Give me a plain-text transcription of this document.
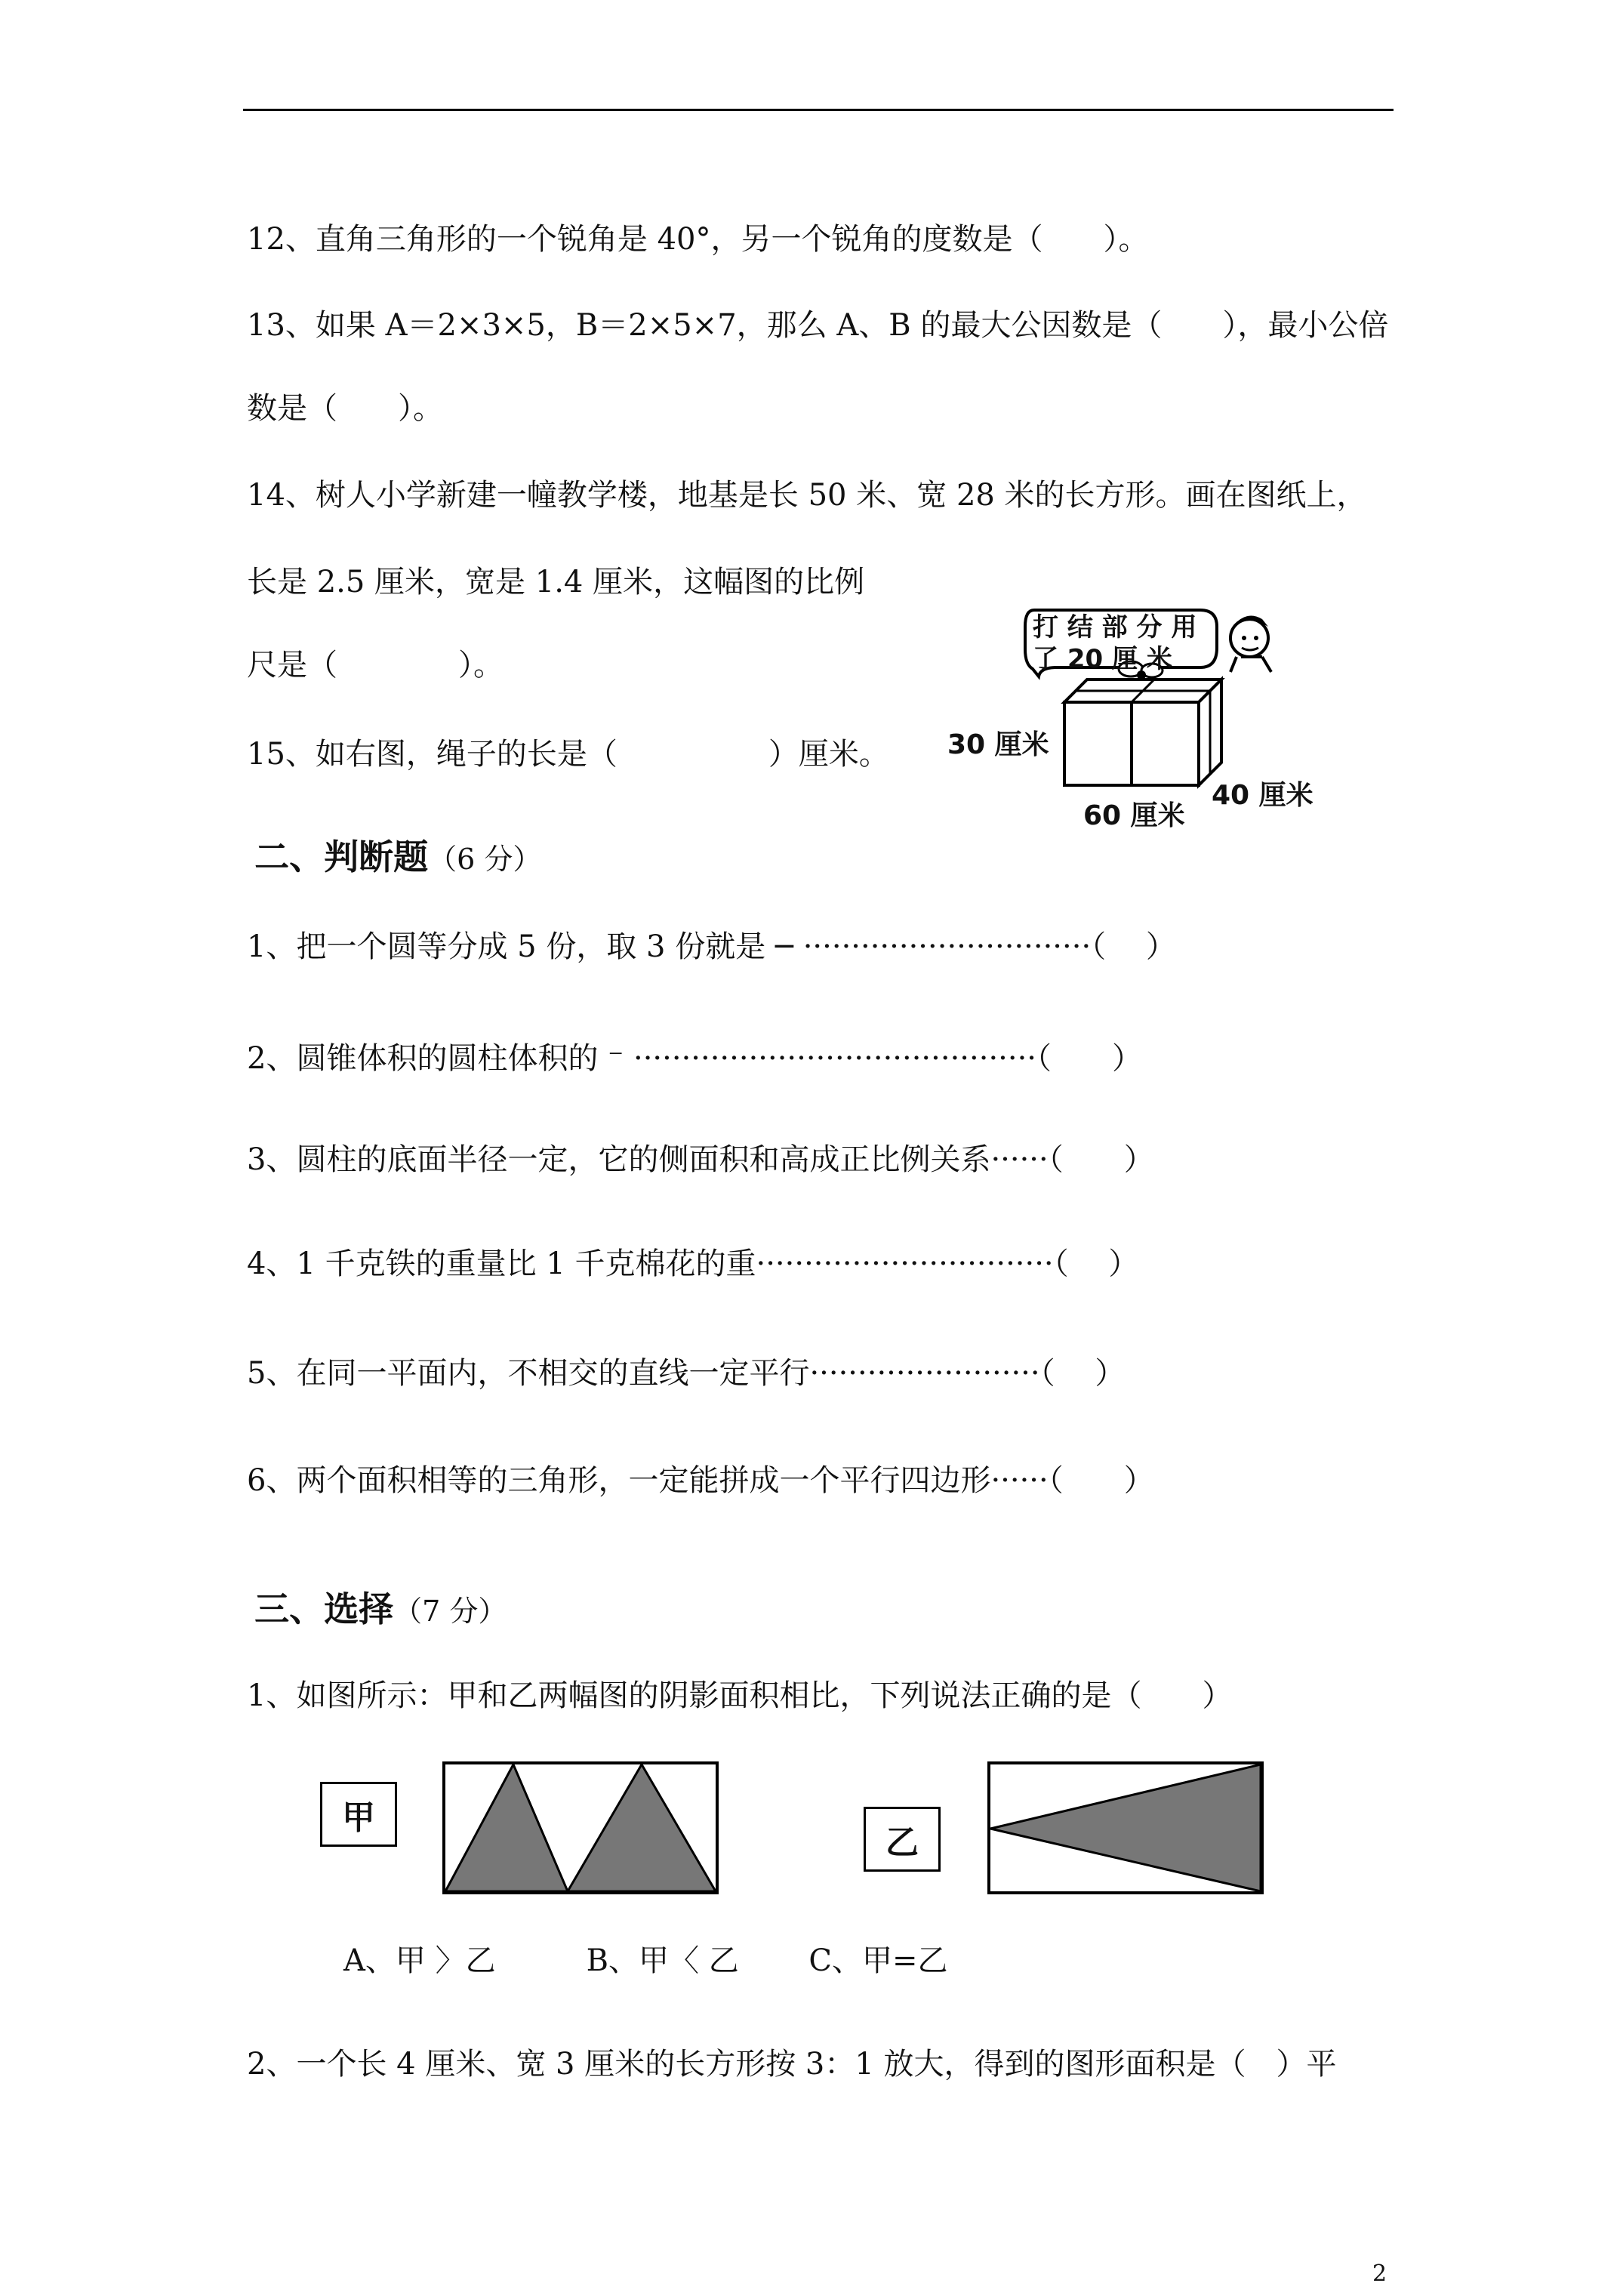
12、直角三角形的一个锐角是 40°，另一个锐角的度数是（　　）。
13、如果 A＝2×3×5，B＝2×5×7，那么 A、B 的最大公因数是（　　），最小公倍
数是（　　）。
14、树人小学新建一幢教学楼，地基是长 50 米、宽 28 米的长方形。画在图纸上，
长是 2.5 厘米，宽是 1.4 厘米，这幅图的比例
尺是（　　　　）。
15、如右图，绳子的长是（　　　　　）厘米。
打 结 部 分 用
了 20 厘 米
30 厘米
60 厘米
40 厘米

二、判断题（6 分）

1、把一个圆等分成 5 份，取 3 份就是 ─ ······························（　 ）
2、圆锥体积的圆柱体积的 ⁻ ··········································（　　）
3、圆柱的底面半径一定，它的侧面积和高成正比例关系······（　　）
4、1 千克铁的重量比 1 千克棉花的重·······························（　 ）
5、在同一平面内，不相交的直线一定平行························（　 ）
6、两个面积相等的三角形，一定能拼成一个平行四边形······（　　）

三、选择（7 分）

1、如图所示：甲和乙两幅图的阴影面积相比，下列说法正确的是（　　）
甲
乙
A、甲 〉乙　　　B、甲〈 乙　　 C、甲=乙
2、一个长 4 厘米、宽 3 厘米的长方形按 3：1 放大，得到的图形面积是（　）平
2
